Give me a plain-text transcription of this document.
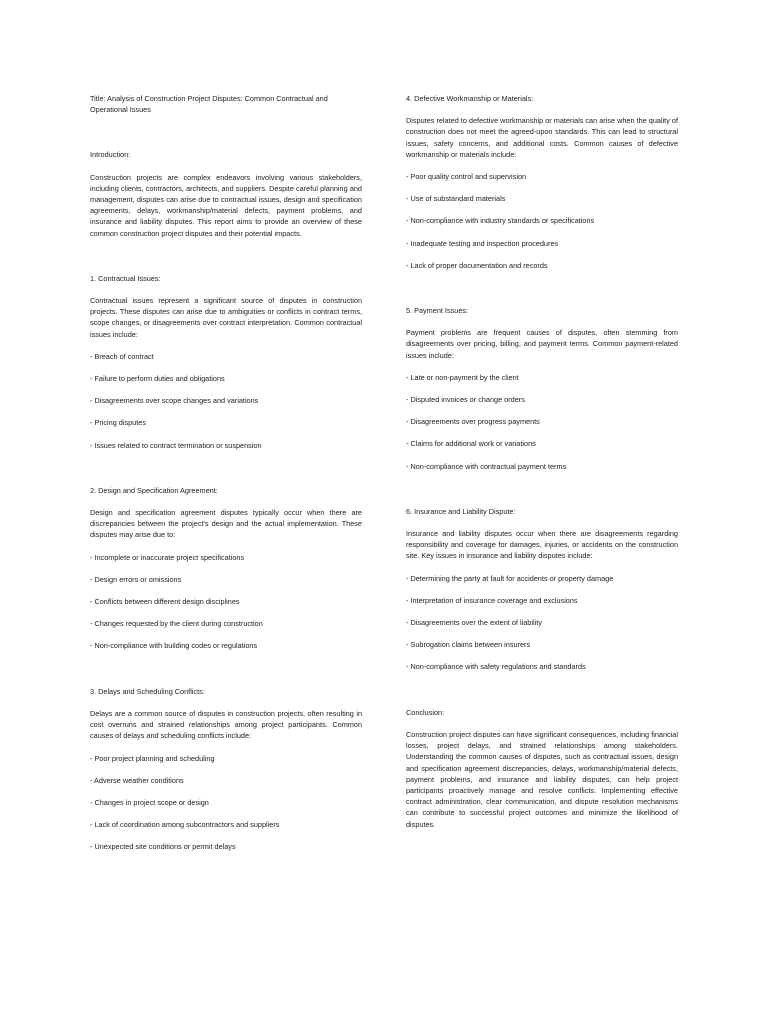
Title: Analysis of Construction Project Disputes: Common Contractual and Operational Issues

Introduction:

Construction projects are complex endeavors involving various stakeholders, including clients, contractors, architects, and suppliers. Despite careful planning and management, disputes can arise due to contractual issues, design and specification agreements, delays, workmanship/material defects, payment problems, and insurance and liability disputes. This report aims to provide an overview of these common construction project disputes and their potential impacts.

1. Contractual Issues:

Contractual issues represent a significant source of disputes in construction projects. These disputes can arise due to ambiguities or conflicts in contract terms, scope changes, or disagreements over contract interpretation. Common contractual issues include:

- Breach of contract

- Failure to perform duties and obligations

- Disagreements over scope changes and variations

- Pricing disputes

- Issues related to contract termination or suspension

2. Design and Specification Agreement:

Design and specification agreement disputes typically occur when there are discrepancies between the project's design and the actual implementation. These disputes may arise due to:

- Incomplete or inaccurate project specifications

- Design errors or omissions

- Conflicts between different design disciplines

- Changes requested by the client during construction

- Non-compliance with building codes or regulations

3. Delays and Scheduling Conflicts:

Delays are a common source of disputes in construction projects, often resulting in cost overruns and strained relationships among project participants. Common causes of delays and scheduling conflicts include:

- Poor project planning and scheduling

- Adverse weather conditions

- Changes in project scope or design

- Lack of coordination among subcontractors and suppliers

- Unexpected site conditions or permit delays

4. Defective Workmanship or Materials:

Disputes related to defective workmanship or materials can arise when the quality of construction does not meet the agreed-upon standards. This can lead to structural issues, safety concerns, and additional costs. Common causes of defective workmanship or materials include:

- Poor quality control and supervision

- Use of substandard materials

- Non-compliance with industry standards or specifications

- Inadequate testing and inspection procedures

- Lack of proper documentation and records

5. Payment Issues:

Payment problems are frequent causes of disputes, often stemming from disagreements over pricing, billing, and payment terms. Common payment-related issues include:

- Late or non-payment by the client

- Disputed invoices or change orders

- Disagreements over progress payments

- Claims for additional work or variations

- Non-compliance with contractual payment terms

6. Insurance and Liability Dispute:

Insurance and liability disputes occur when there are disagreements regarding responsibility and coverage for damages, injuries, or accidents on the construction site. Key issues in insurance and liability disputes include:

- Determining the party at fault for accidents or property damage

- Interpretation of insurance coverage and exclusions

- Disagreements over the extent of liability

- Subrogation claims between insurers

- Non-compliance with safety regulations and standards

Conclusion:

Construction project disputes can have significant consequences, including financial losses, project delays, and strained relationships among stakeholders. Understanding the common causes of disputes, such as contractual issues, design and specification agreement discrepancies, delays, workmanship/material defects, payment problems, and insurance and liability disputes, can help project participants proactively manage and resolve conflicts. Implementing effective contract administration, clear communication, and dispute resolution mechanisms can contribute to successful project outcomes and minimize the likelihood of disputes.
